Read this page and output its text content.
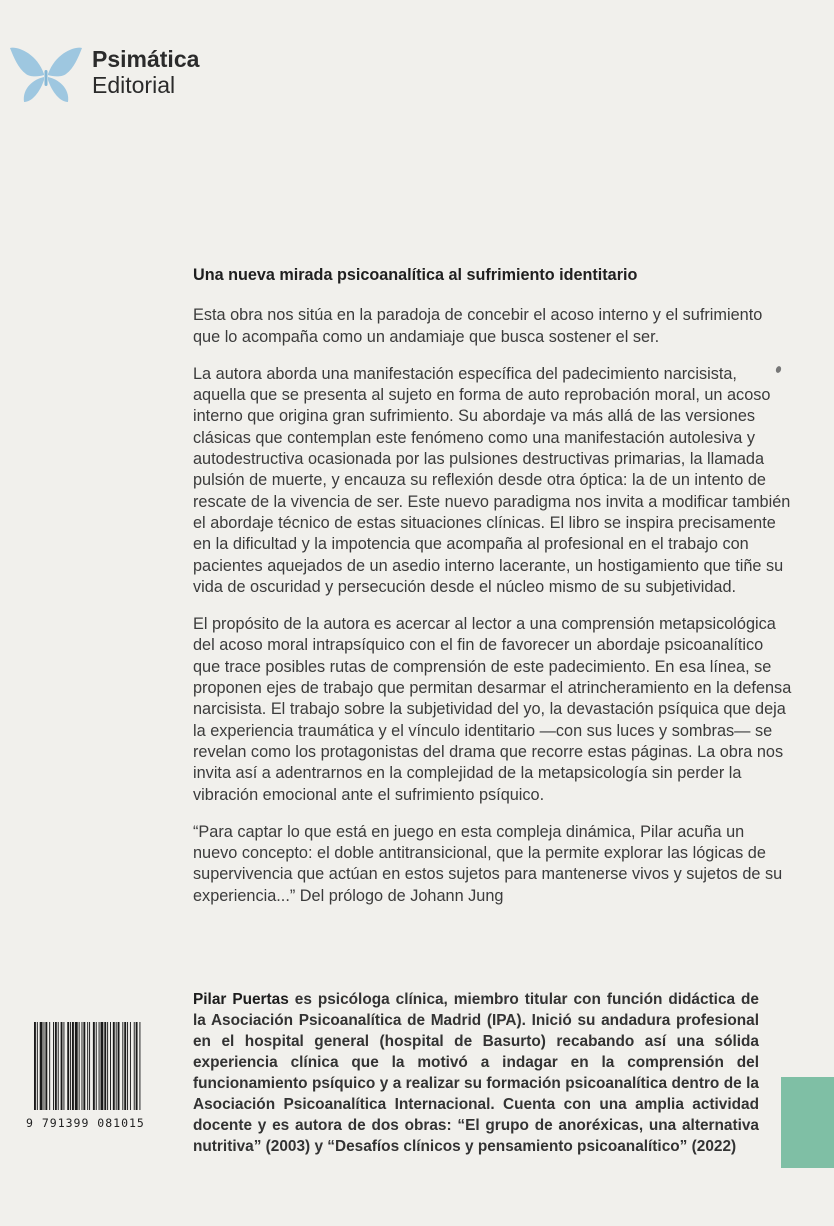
Psimática
Editorial

Una nueva mirada psicoanalítica al sufrimiento identitario

Esta obra nos sitúa en la paradoja de concebir el acoso interno y el sufrimiento que lo acompaña como un andamiaje que busca sostener el ser.

La autora aborda una manifestación específica del padecimiento narcisista, aquella que se presenta al sujeto en forma de auto reprobación moral, un acoso interno que origina gran sufrimiento. Su abordaje va más allá de las versiones clásicas que contemplan este fenómeno como una manifestación autolesiva y autodestructiva ocasionada por las pulsiones destructivas primarias, la llamada pulsión de muerte, y encauza su reflexión desde otra óptica: la de un intento de rescate de la vivencia de ser. Este nuevo paradigma nos invita a modificar también el abordaje técnico de estas situaciones clínicas. El libro se inspira precisamente en la dificultad y la impotencia que acompaña al profesional en el trabajo con pacientes aquejados de un asedio interno lacerante, un hostigamiento que tiñe su vida de oscuridad y persecución desde el núcleo mismo de su subjetividad.

El propósito de la autora es acercar al lector a una comprensión metapsicológica del acoso moral intrapsíquico con el fin de favorecer un abordaje psicoanalítico que trace posibles rutas de comprensión de este padecimiento. En esa línea, se proponen ejes de trabajo que permitan desarmar el atrincheramiento en la defensa narcisista. El trabajo sobre la subjetividad del yo, la devastación psíquica que deja la experiencia traumática y el vínculo identitario —con sus luces y sombras— se revelan como los protagonistas del drama que recorre estas páginas. La obra nos invita así a adentrarnos en la complejidad de la metapsicología sin perder la vibración emocional ante el sufrimiento psíquico.

“Para captar lo que está en juego en esta compleja dinámica, Pilar acuña un nuevo concepto: el doble antitransicional, que la permite explorar las lógicas de supervivencia que actúan en estos sujetos para mantenerse vivos y sujetos de su experiencia...” Del prólogo de Johann Jung

9 791399 081015
Pilar Puertas es psicóloga clínica, miembro titular con función didáctica de la Asociación Psicoanalítica de Madrid (IPA). Inició su andadura profesional en el hospital general (hospital de Basurto) recabando así una sólida experiencia clínica que la motivó a indagar en la comprensión del funcionamiento psíquico y a realizar su formación psicoanalítica dentro de la Asociación Psicoanalítica Internacional. Cuenta con una amplia actividad docente y es autora de dos obras: “El grupo de anoréxicas, una alternativa nutritiva” (2003) y “Desafíos clínicos y pensamiento psicoanalítico” (2022)
